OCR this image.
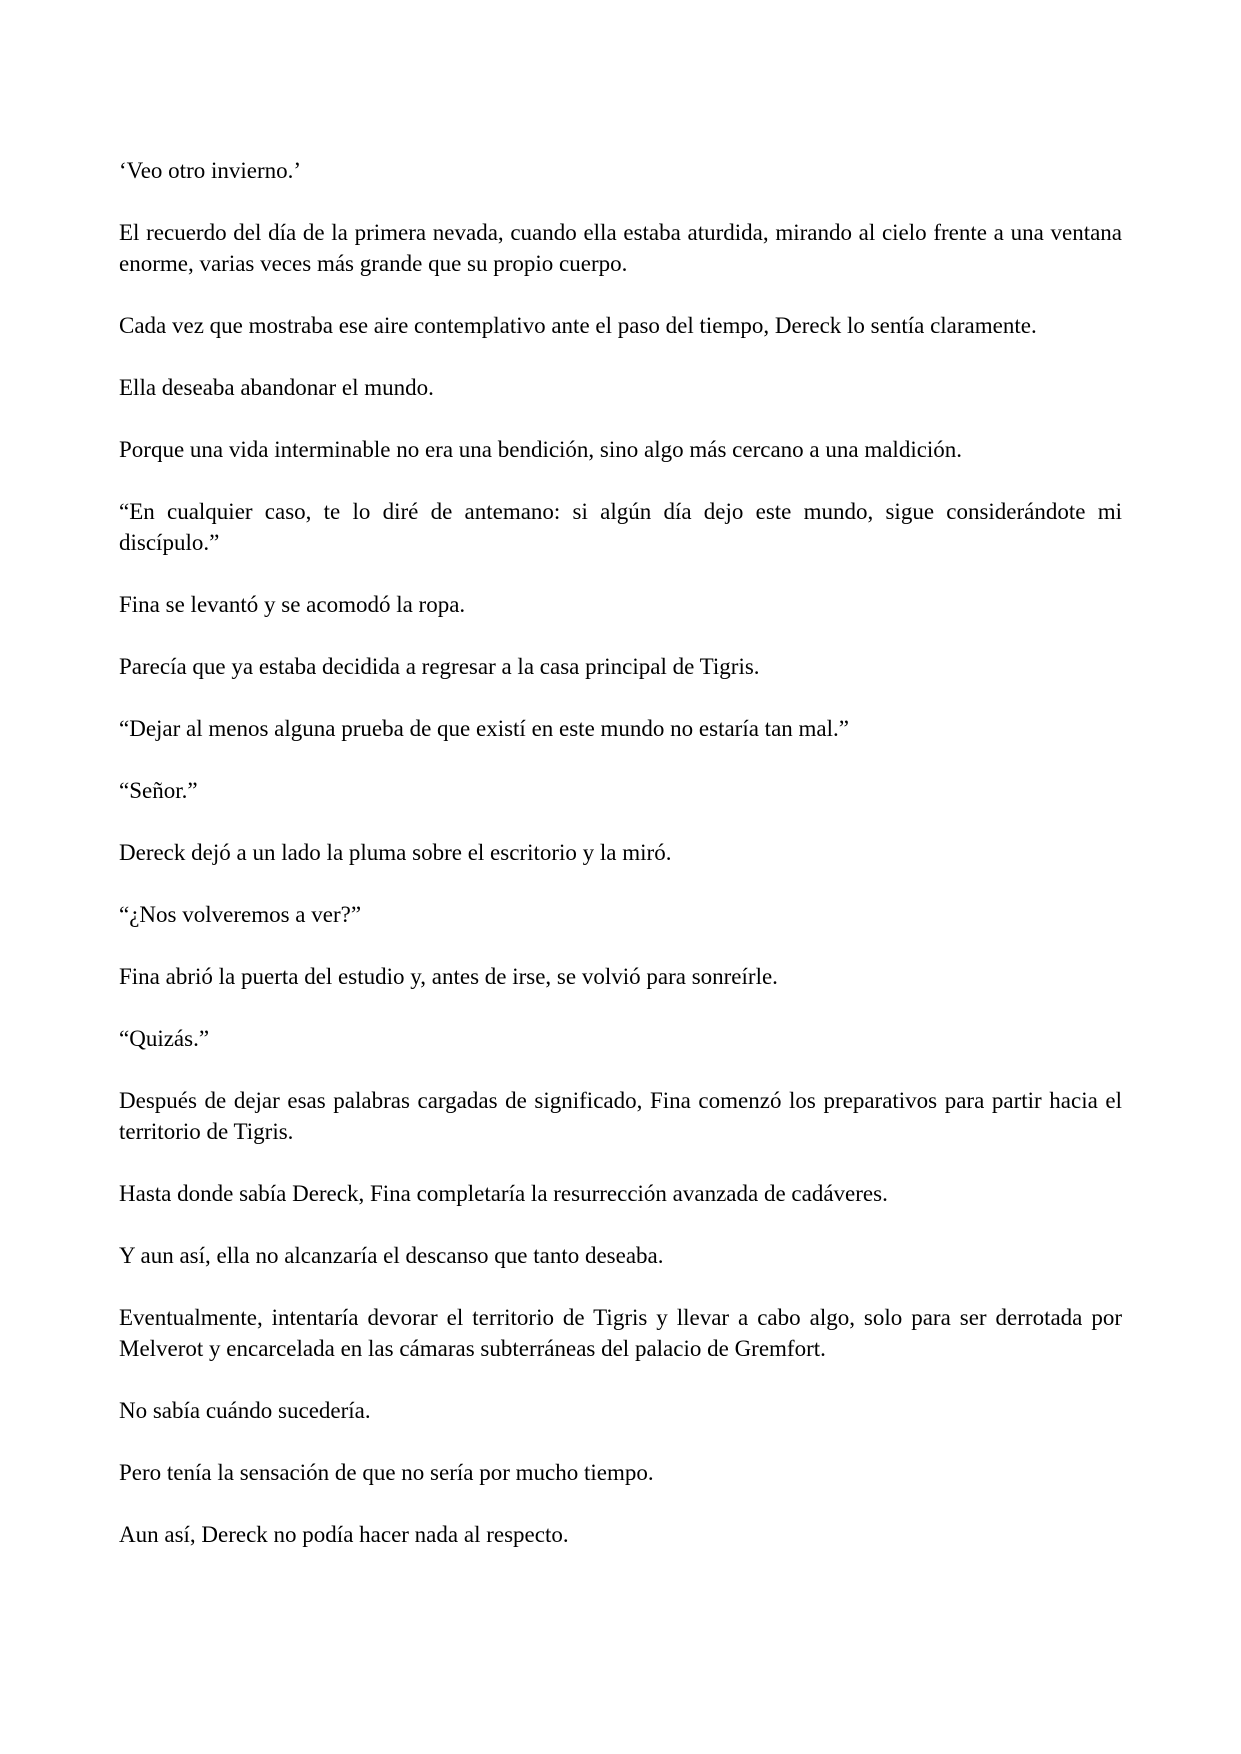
‘Veo otro invierno.’

El recuerdo del día de la primera nevada, cuando ella estaba aturdida, mirando al cielo frente a una ventana enorme, varias veces más grande que su propio cuerpo.

Cada vez que mostraba ese aire contemplativo ante el paso del tiempo, Dereck lo sentía claramente.

Ella deseaba abandonar el mundo.

Porque una vida interminable no era una bendición, sino algo más cercano a una maldición.

“En cualquier caso, te lo diré de antemano: si algún día dejo este mundo, sigue considerándote mi discípulo.”

Fina se levantó y se acomodó la ropa.

Parecía que ya estaba decidida a regresar a la casa principal de Tigris.

“Dejar al menos alguna prueba de que existí en este mundo no estaría tan mal.”

“Señor.”

Dereck dejó a un lado la pluma sobre el escritorio y la miró.

“¿Nos volveremos a ver?”

Fina abrió la puerta del estudio y, antes de irse, se volvió para sonreírle.

“Quizás.”

Después de dejar esas palabras cargadas de significado, Fina comenzó los preparativos para partir hacia el territorio de Tigris.

Hasta donde sabía Dereck, Fina completaría la resurrección avanzada de cadáveres.

Y aun así, ella no alcanzaría el descanso que tanto deseaba.

Eventualmente, intentaría devorar el territorio de Tigris y llevar a cabo algo, solo para ser derrotada por Melverot y encarcelada en las cámaras subterráneas del palacio de Gremfort.

No sabía cuándo sucedería.

Pero tenía la sensación de que no sería por mucho tiempo.

Aun así, Dereck no podía hacer nada al respecto.
